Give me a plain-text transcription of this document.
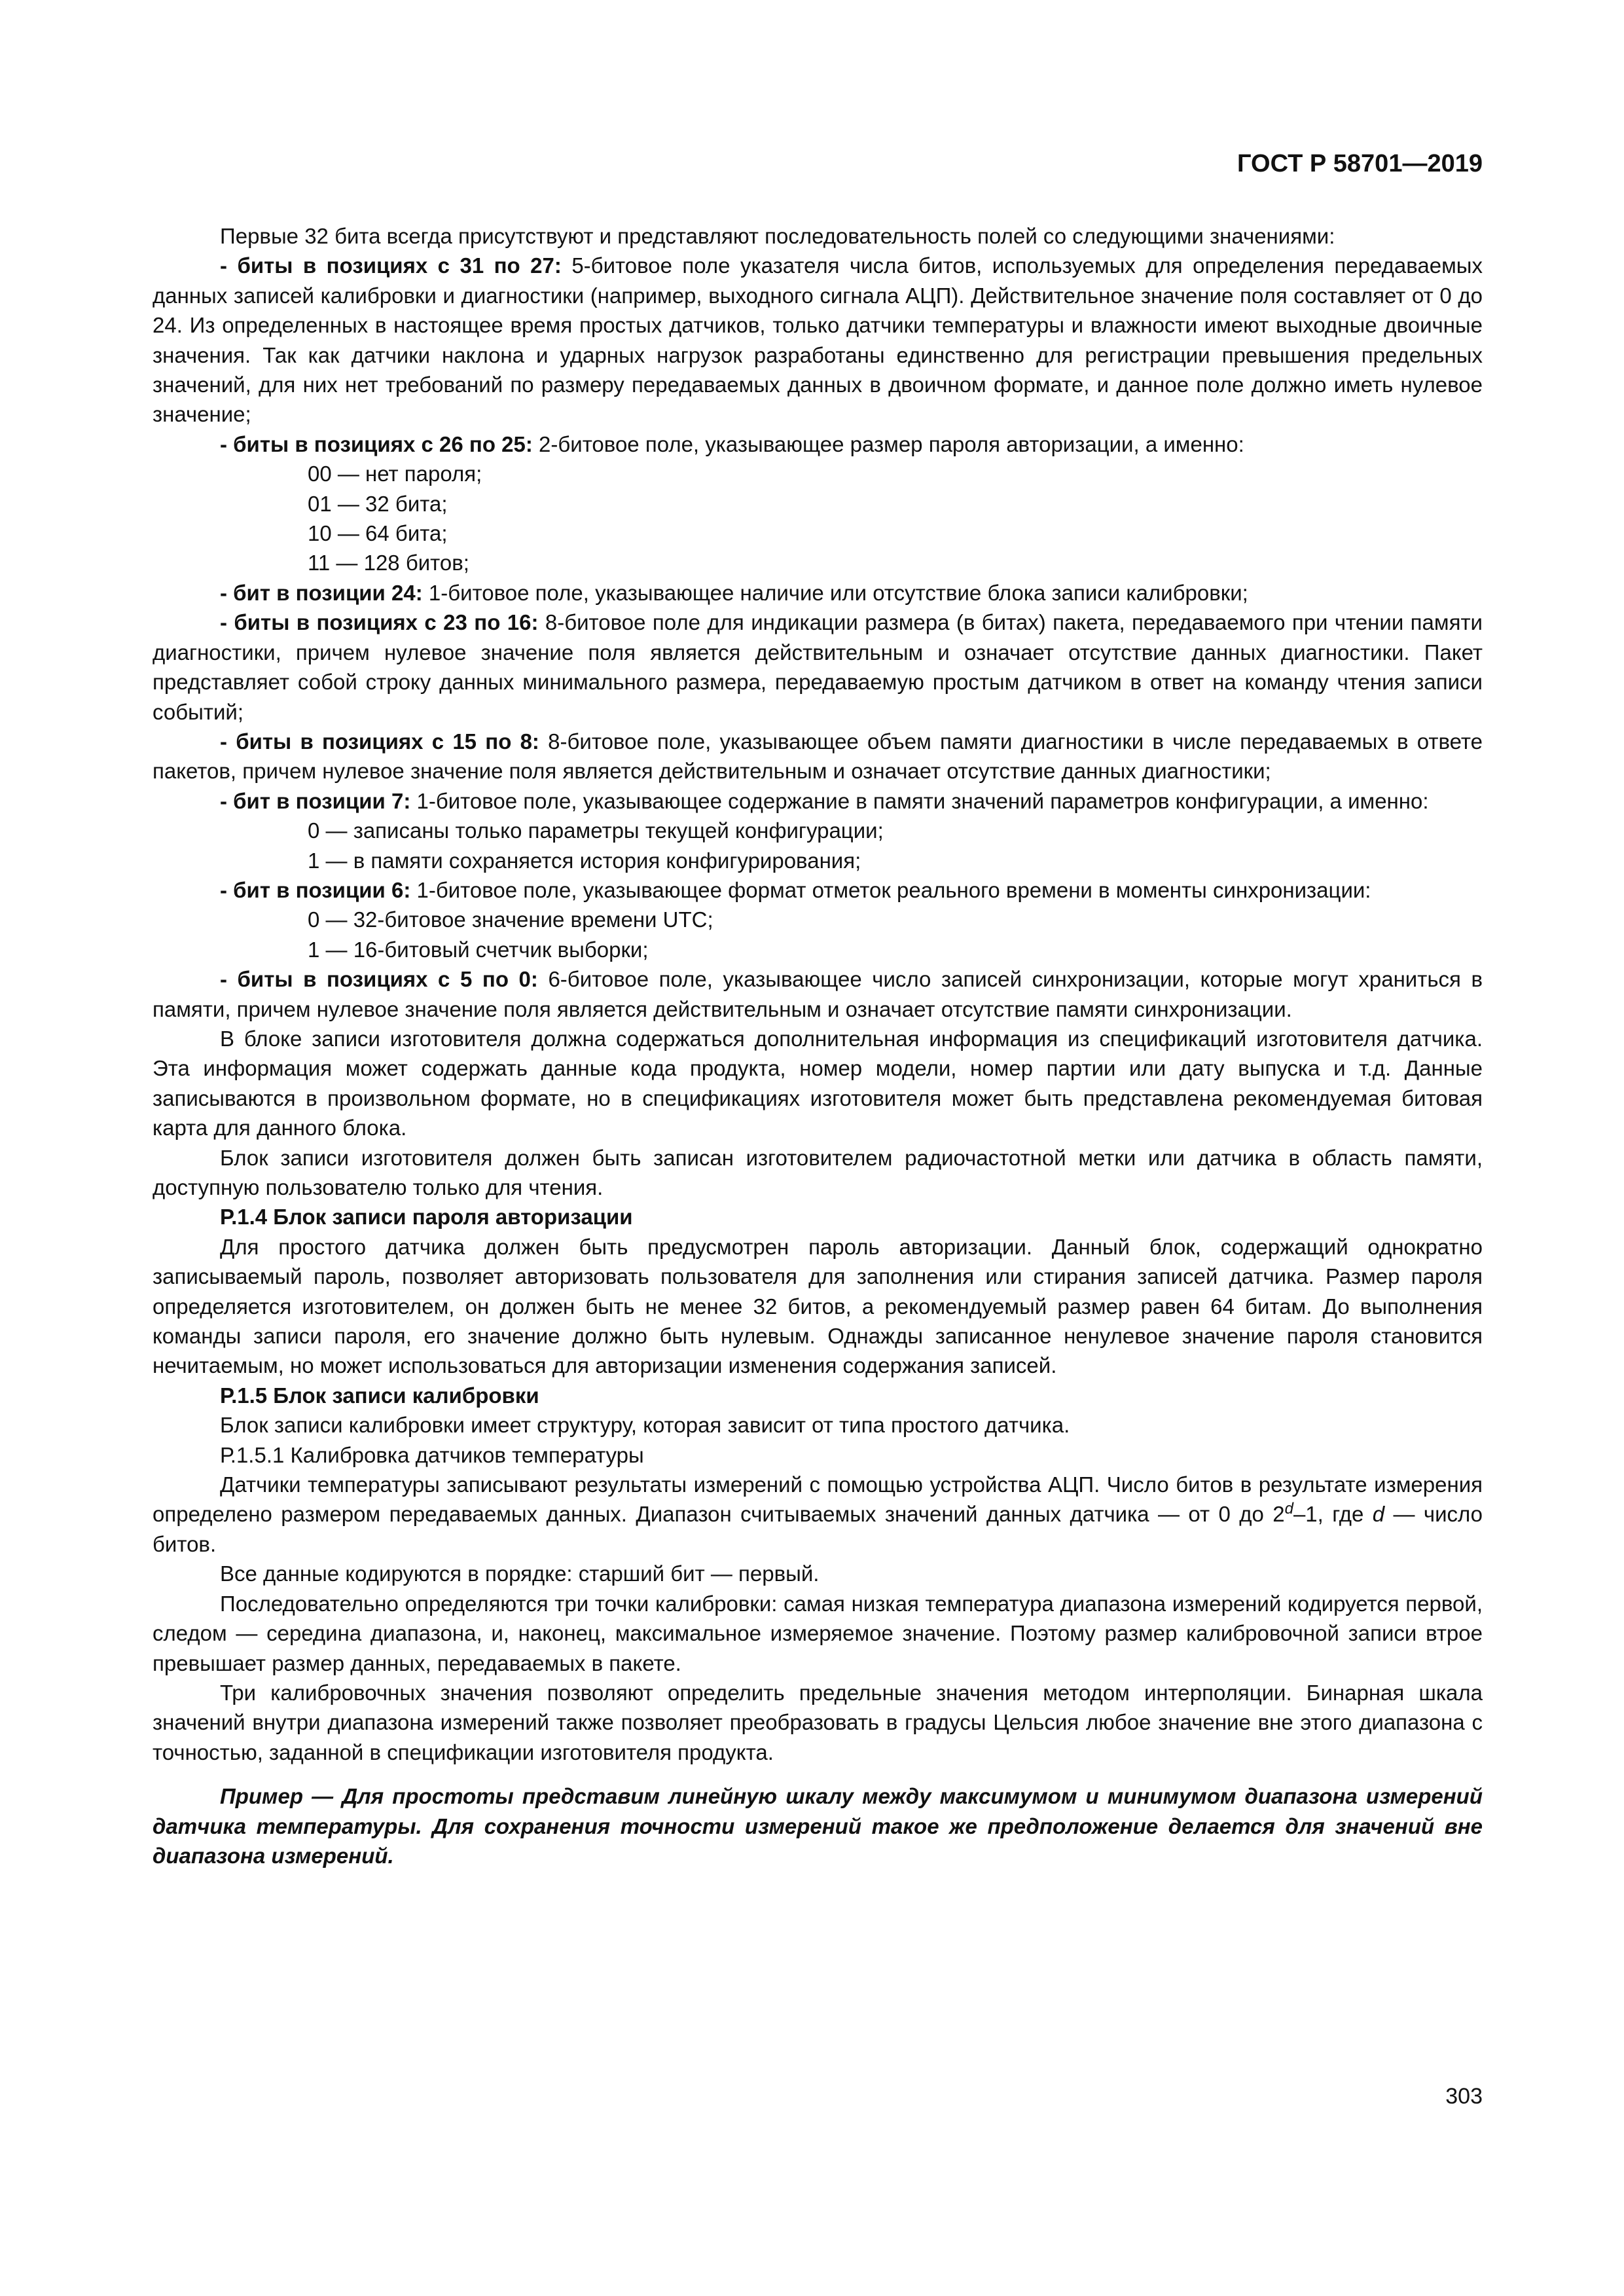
ГОСТ Р 58701—2019

Первые 32 бита всегда присутствуют и представляют последовательность полей со следующими значениями:

- биты в позициях с 31 по 27: 5-битовое поле указателя числа битов, используемых для определения передаваемых данных записей калибровки и диагностики (например, выходного сигнала АЦП). Действительное значение поля составляет от 0 до 24. Из определенных в настоящее время простых датчиков, только датчики температуры и влажности имеют выходные двоичные значения. Так как датчики наклона и ударных нагрузок разработаны единственно для регистрации превышения предельных значений, для них нет требований по размеру передаваемых данных в двоичном формате, и данное поле должно иметь нулевое значение;

- биты в позициях с 26 по 25: 2-битовое поле, указывающее размер пароля авторизации, а именно:

00 — нет пароля;

01 — 32 бита;

10 — 64 бита;

11 — 128 битов;

- бит в позиции 24: 1-битовое поле, указывающее наличие или отсутствие блока записи калибровки;

- биты в позициях с 23 по 16: 8-битовое поле для индикации размера (в битах) пакета, передаваемого при чтении памяти диагностики, причем нулевое значение поля является действительным и означает отсутствие данных диагностики. Пакет представляет собой строку данных минимального размера, передаваемую простым датчиком в ответ на команду чтения записи событий;

- биты в позициях с 15 по 8: 8-битовое поле, указывающее объем памяти диагностики в числе передаваемых в ответе пакетов, причем нулевое значение поля является действительным и означает отсутствие данных диагностики;

- бит в позиции 7: 1-битовое поле, указывающее содержание в памяти значений параметров конфигурации, а именно:

0 — записаны только параметры текущей конфигурации;

1 — в памяти сохраняется история конфигурирования;

- бит в позиции 6: 1-битовое поле, указывающее формат отметок реального времени в моменты синхронизации:

0 — 32-битовое значение времени UTC;

1 — 16-битовый счетчик выборки;

- биты в позициях с 5 по 0: 6-битовое поле, указывающее число записей синхронизации, которые могут храниться в памяти, причем нулевое значение поля является действительным и означает отсутствие памяти синхронизации.

В блоке записи изготовителя должна содержаться дополнительная информация из спецификаций изготовителя датчика. Эта информация может содержать данные кода продукта, номер модели, номер партии или дату выпуска и т.д. Данные записываются в произвольном формате, но в спецификациях изготовителя может быть представлена рекомендуемая битовая карта для данного блока.

Блок записи изготовителя должен быть записан изготовителем радиочастотной метки или датчика в область памяти, доступную пользователю только для чтения.

Р.1.4 Блок записи пароля авторизации

Для простого датчика должен быть предусмотрен пароль авторизации. Данный блок, содержащий однократно записываемый пароль, позволяет авторизовать пользователя для заполнения или стирания записей датчика. Размер пароля определяется изготовителем, он должен быть не менее 32 битов, а рекомендуемый размер равен 64 битам. До выполнения команды записи пароля, его значение должно быть нулевым. Однажды записанное ненулевое значение пароля становится нечитаемым, но может использоваться для авторизации изменения содержания записей.

Р.1.5 Блок записи калибровки

Блок записи калибровки имеет структуру, которая зависит от типа простого датчика.

Р.1.5.1 Калибровка датчиков температуры

Датчики температуры записывают результаты измерений с помощью устройства АЦП. Число битов в результате измерения определено размером передаваемых данных. Диапазон считываемых значений данных датчика — от 0 до 2$^d$–1, где d — число битов.

Все данные кодируются в порядке: старший бит — первый.

Последовательно определяются три точки калибровки: самая низкая температура диапазона измерений кодируется первой, следом — середина диапазона, и, наконец, максимальное измеряемое значение. Поэтому размер калибровочной записи втрое превышает размер данных, передаваемых в пакете.

Три калибровочных значения позволяют определить предельные значения методом интерполяции. Бинарная шкала значений внутри диапазона измерений также позволяет преобразовать в градусы Цельсия любое значение вне этого диапазона с точностью, заданной в спецификации изготовителя продукта.

Пример — Для простоты представим линейную шкалу между максимумом и минимумом диапазона измерений датчика температуры. Для сохранения точности измерений такое же предположение делается для значений вне диапазона измерений.

303
